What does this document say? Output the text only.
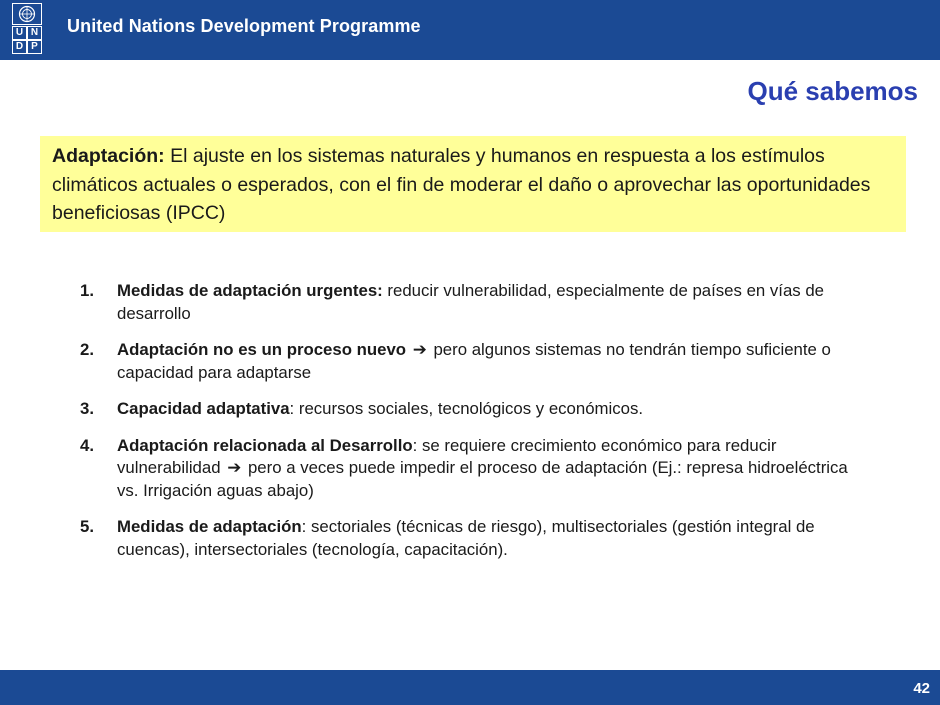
U N
D P
United Nations Development Programme
Qué sabemos
Adaptación: El ajuste en los sistemas naturales y humanos en respuesta a los estímulos climáticos actuales o esperados, con el fin de moderar el daño o aprovechar las oportunidades beneficiosas (IPCC)
1.	Medidas de adaptación urgentes: reducir vulnerabilidad, especialmente de países en vías de desarrollo
2.	Adaptación no es un proceso nuevo ➔ pero algunos sistemas no tendrán tiempo suficiente o capacidad para adaptarse
3.	Capacidad adaptativa: recursos sociales, tecnológicos y económicos.
4.	Adaptación relacionada al Desarrollo: se requiere crecimiento económico para reducir vulnerabilidad ➔ pero a veces puede impedir el proceso de adaptación (Ej.: represa hidroeléctrica vs. Irrigación aguas abajo)
5.	Medidas de adaptación: sectoriales (técnicas de riesgo), multisectoriales (gestión integral de cuencas), intersectoriales (tecnología, capacitación).
42
